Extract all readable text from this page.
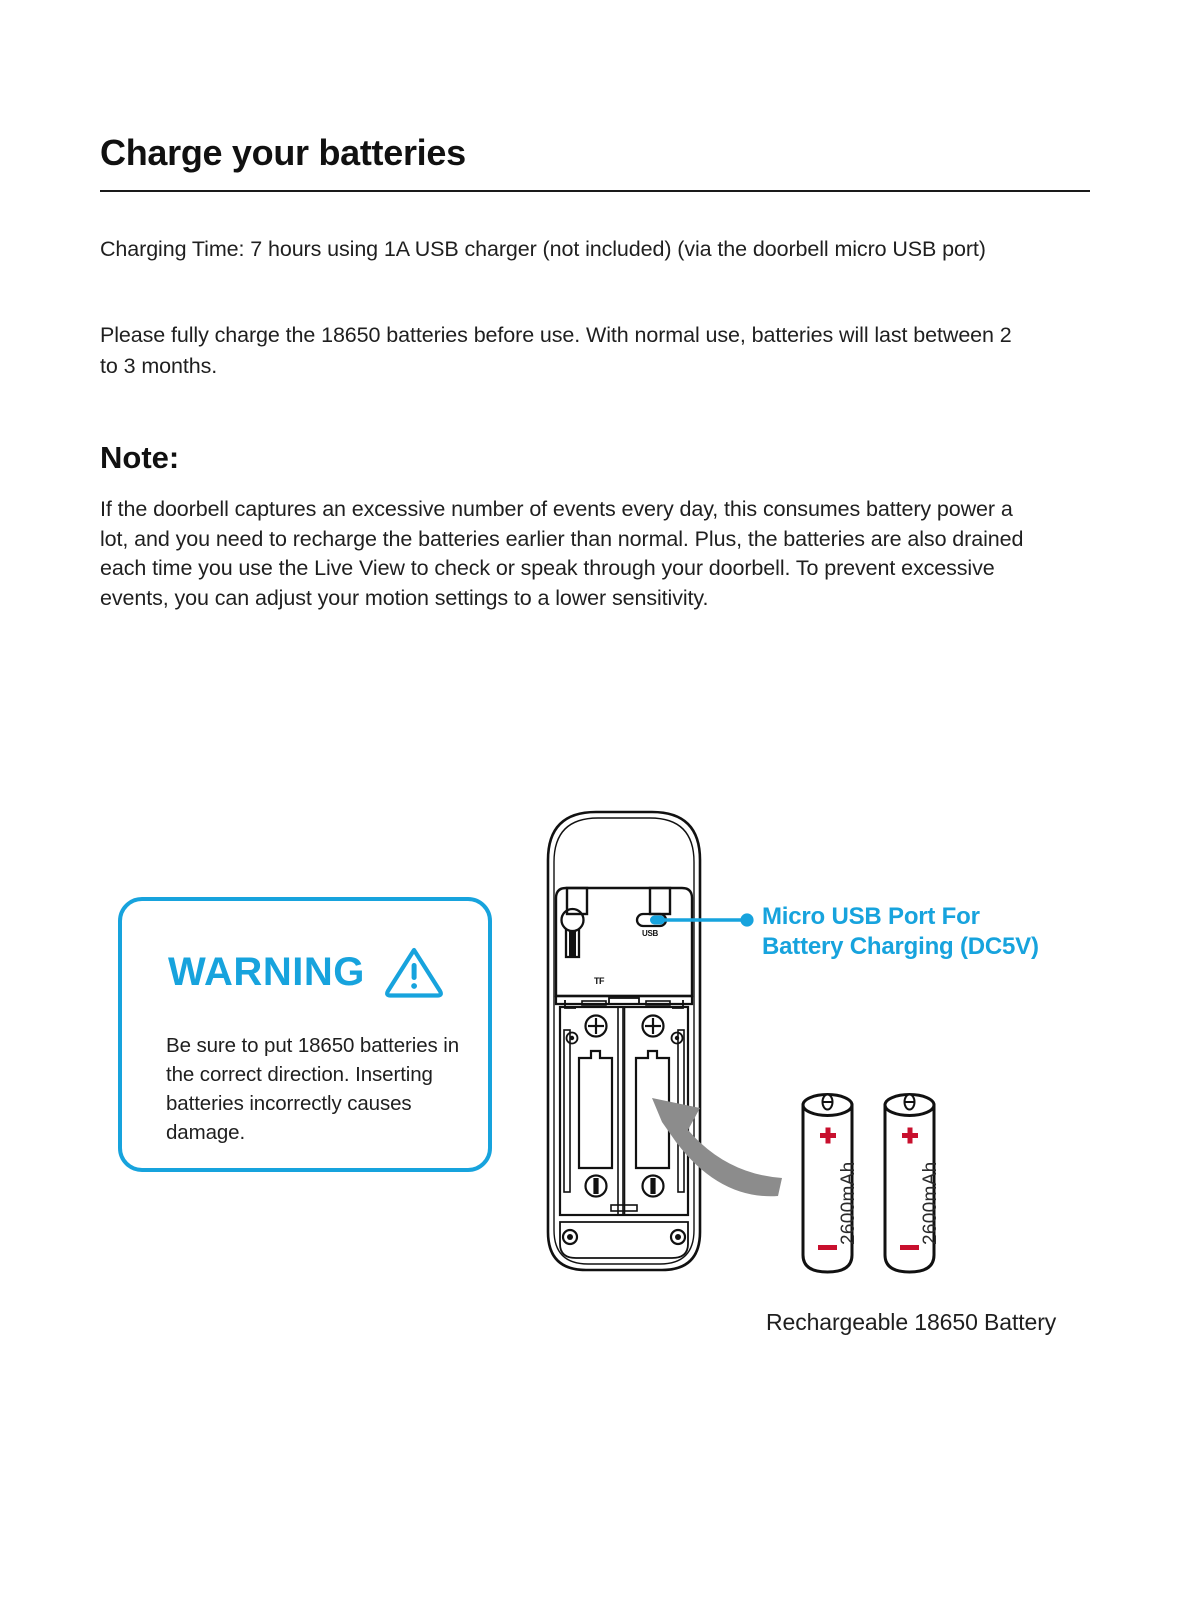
Charge your batteries
Charging Time: 7 hours using 1A USB charger (not included) (via the doorbell micro USB port)
Please fully charge the 18650 batteries before use. With normal use, batteries will last between 2 to 3 months.
Note:
If the doorbell captures an excessive number of events every day, this consumes battery power a lot, and you need to recharge the batteries earlier than normal. Plus, the batteries are also drained each time you use the Live View to check or speak through your doorbell. To prevent excessive events, you can adjust your motion settings to a lower sensitivity.
WARNING
Be sure to put 18650 batteries in the correct direction. Inserting batteries incorrectly causes damage.
Micro USB Port For Battery Charging (DC5V)
USB
TF
2600mAh	2600mAh
Rechargeable 18650 Battery
